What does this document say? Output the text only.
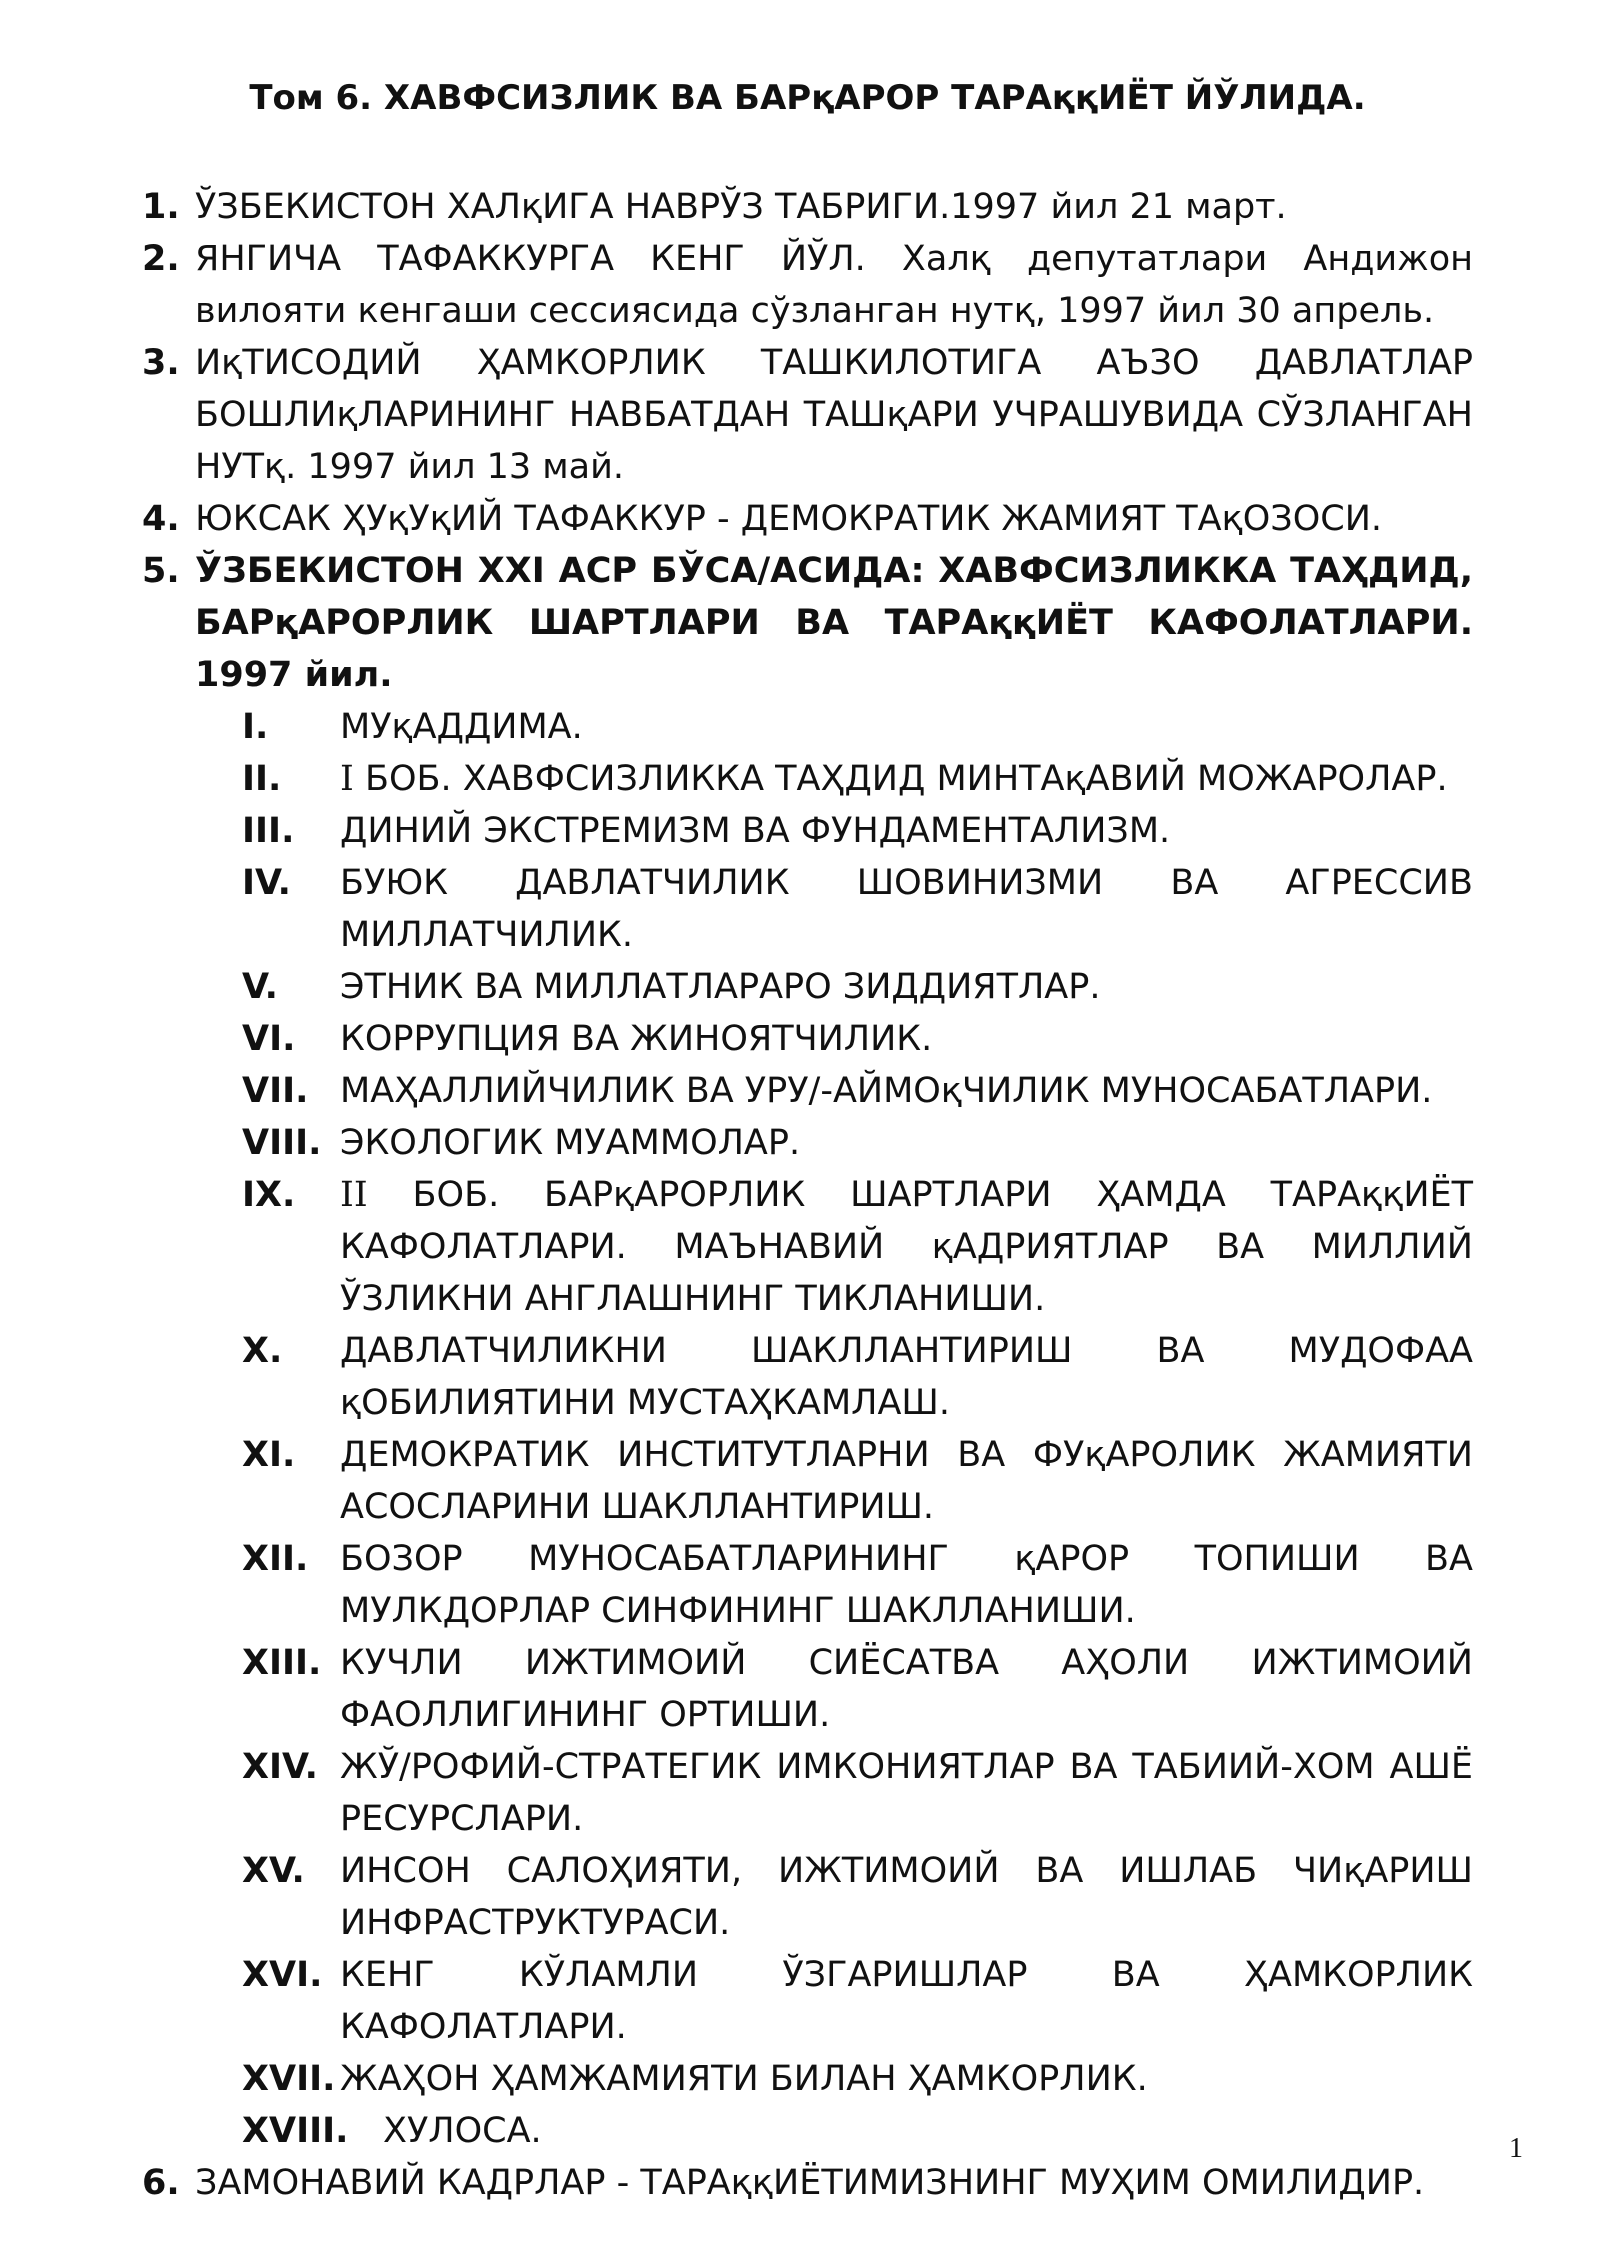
Том 6. ХАВФСИЗЛИК ВА БАРқАРОР ТАРАққИЁТ ЙЎЛИДА.
1. ЎЗБЕКИСТОН ХАЛқИГА НАВРЎЗ ТАБРИГИ.1997 йил 21 март.
2. ЯНГИЧА ТАФАККУРГА КЕНГ ЙЎЛ. Халқ депутатлари Андижон вилояти кенгаши сессиясида сўзланган нутқ, 1997 йил 30 апрель.
3. ИқТИСОДИЙ ҲАМКОРЛИК ТАШКИЛОТИГА АЪЗО ДАВЛАТЛАР БОШЛИқЛАРИНИНГ НАВБАТДАН ТАШқАРИ УЧРАШУВИДА СЎЗЛАНГАН НУТқ. 1997 йил 13 май.
4. ЮКСАК ҲУқУқИЙ ТАФАККУР - ДЕМОКРАТИК ЖАМИЯТ ТАқОЗОСИ.
5. ЎЗБЕКИСТОН XXI АСР БЎСА/АСИДА: ХАВФСИЗЛИККА ТАҲДИД, БАРқАРОРЛИК ШАРТЛАРИ ВА ТАРАққИЁТ КАФОЛАТЛАРИ. 1997 йил.
I.	МУқАДДИМА.
II.	I БОБ. ХАВФСИЗЛИККА ТАҲДИД МИНТАқАВИЙ МОЖАРОЛАР.
III.	ДИНИЙ ЭКСТРЕМИЗМ ВА ФУНДАМЕНТАЛИЗМ.
IV.	БУЮК ДАВЛАТЧИЛИК ШОВИНИЗМИ ВА АГРЕССИВ МИЛЛАТЧИЛИК.
V.	ЭТНИК ВА МИЛЛАТЛАРАРО ЗИДДИЯТЛАР.
VI.	КОРРУПЦИЯ ВА ЖИНОЯТЧИЛИК.
VII. МАҲАЛЛИЙЧИЛИК ВА УРУ/-АЙМОқЧИЛИК МУНОСАБАТЛАРИ.
VIII. ЭКОЛОГИК МУАММОЛАР.
IX.	II БОБ. БАРқАРОРЛИК ШАРТЛАРИ ҲАМДА ТАРАққИЁТ КАФОЛАТЛАРИ. МАЪНАВИЙ қАДРИЯТЛАР ВА МИЛЛИЙ ЎЗЛИКНИ АНГЛАШНИНГ ТИКЛАНИШИ.
X.	ДАВЛАТЧИЛИКНИ ШАКЛЛАНТИРИШ ВА МУДОФАА қОБИЛИЯТИНИ МУСТАҲКАМЛАШ.
XI.	ДЕМОКРАТИК ИНСТИТУТЛАРНИ ВА ФУқАРОЛИК ЖАМИЯТИ АСОСЛАРИНИ ШАКЛЛАНТИРИШ.
XII. БОЗОР МУНОСАБАТЛАРИНИНГ қАРОР ТОПИШИ ВА МУЛКДОРЛАР СИНФИНИНГ ШАКЛЛАНИШИ.
XIII. КУЧЛИ ИЖТИМОИЙ СИЁСАТВА АҲОЛИ ИЖТИМОИЙ ФАОЛЛИГИНИНГ ОРТИШИ.
XIV. ЖЎ/РОФИЙ-СТРАТЕГИК ИМКОНИЯТЛАР ВА ТАБИИЙ-ХОМ АШЁ РЕСУРСЛАРИ.
XV.	ИНСОН САЛОҲИЯТИ, ИЖТИМОИЙ ВА ИШЛАБ ЧИқАРИШ ИНФРАСТРУКТУРАСИ.
XVI. КЕНГ КЎЛАМЛИ ЎЗГАРИШЛАР ВА ҲАМКОРЛИК КАФОЛАТЛАРИ.
XVII. ЖАҲОН ҲАМЖАМИЯТИ БИЛАН ҲАМКОРЛИК.
XVIII. ХУЛОСА.
6. ЗАМОНАВИЙ КАДРЛАР - ТАРАққИЁТИМИЗНИНГ МУҲИМ ОМИЛИДИР.
1
